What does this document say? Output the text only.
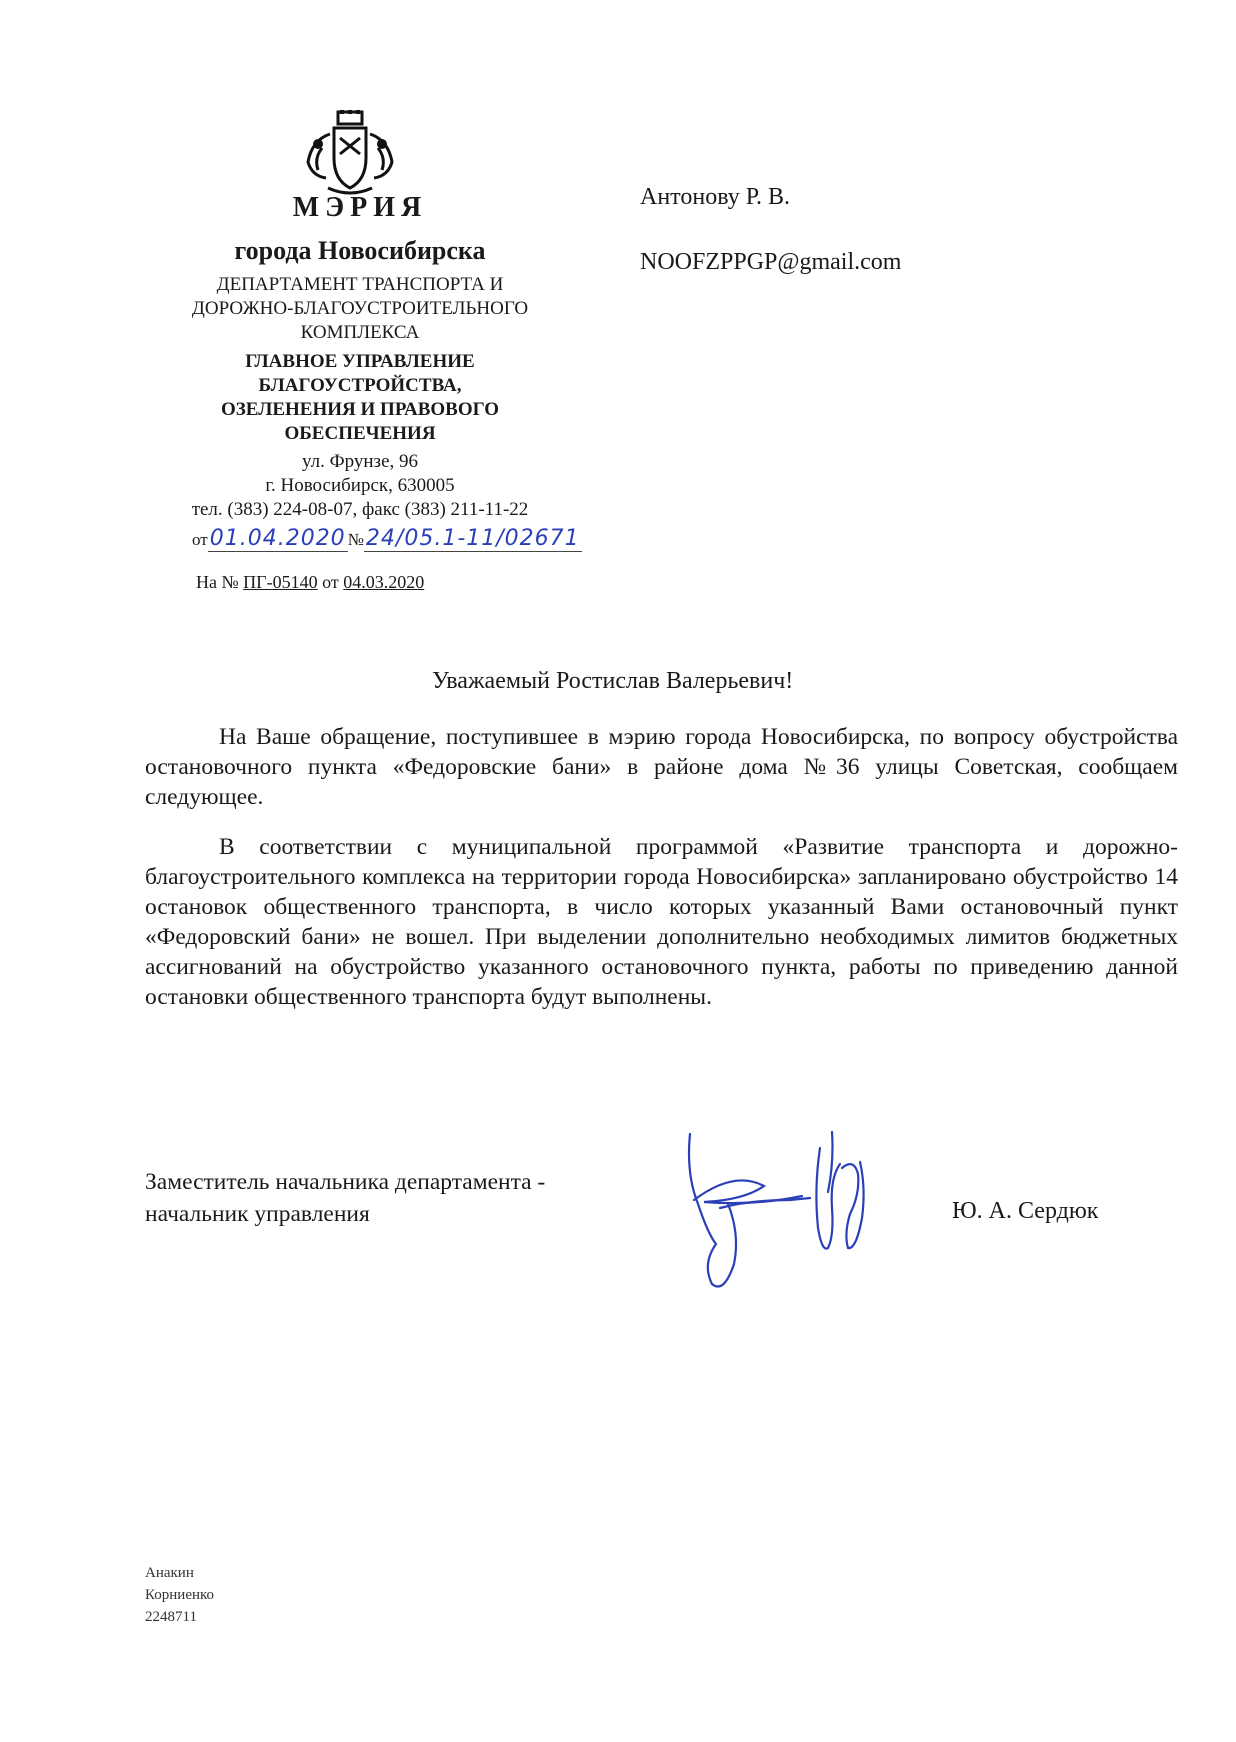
МЭРИЯ
города Новосибирска
ДЕПАРТАМЕНТ ТРАНСПОРТА И
ДОРОЖНО-БЛАГОУСТРОИТЕЛЬНОГО
КОМПЛЕКСА
ГЛАВНОЕ УПРАВЛЕНИЕ
БЛАГОУСТРОЙСТВА,
ОЗЕЛЕНЕНИЯ И ПРАВОВОГО
ОБЕСПЕЧЕНИЯ
ул. Фрунзе, 96
г. Новосибирск, 630005
тел. (383) 224-08-07, факс (383) 211-11-22
от01.04.2020 №24/05.1-11/02671
На № ПГ-05140 от 04.03.2020
Антонову Р. В.
NOOFZPPGP@gmail.com
Уважаемый Ростислав Валерьевич!

На Ваше обращение, поступившее в мэрию города Новосибирска, по вопросу обустройства остановочного пункта «Федоровские бани» в районе дома №36 улицы Советская, сообщаем следующее.

В соответствии с муниципальной программой «Развитие транспорта и дорожно-благоустроительного комплекса на территории города Новосибирска» запланировано обустройство 14 остановок общественного транспорта, в число которых указанный Вами остановочный пункт «Федоровский бани» не вошел. При выделении дополнительно необходимых лимитов бюджетных ассигнований на обустройство указанного остановочного пункта, работы по приведению данной остановки общественного транспорта будут выполнены.

Заместитель начальника департамента -
начальник управления	Ю. А. Сердюк
Анакин
Корниенко
2248711
